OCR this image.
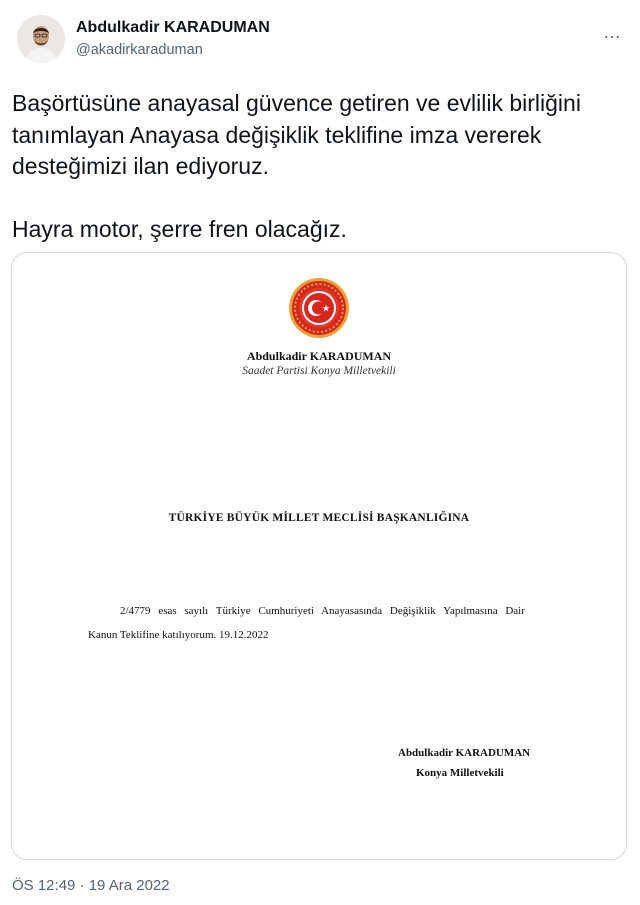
Abdulkadir KARADUMAN
@akadirkaraduman
…

Başörtüsüne anayasal güvence getiren ve evlilik birliğini

tanımlayan Anayasa değişiklik teklifine imza vererek

desteğimizi ilan ediyoruz.

Hayra motor, şerre fren olacağız.

Abdulkadir KARADUMAN
Saadet Partisi Konya Milletvekili
TÜRKİYE BÜYÜK MİLLET MECLİSİ BAŞKANLIĞINA
2/4779 esas sayılı Türkiye Cumhuriyeti Anayasasında Değişiklik Yapılmasına Dair
Kanun Teklifine katılıyorum. 19.12.2022
Abdulkadir KARADUMAN
Konya Milletvekili
ÖS 12:49 · 19 Ara 2022
